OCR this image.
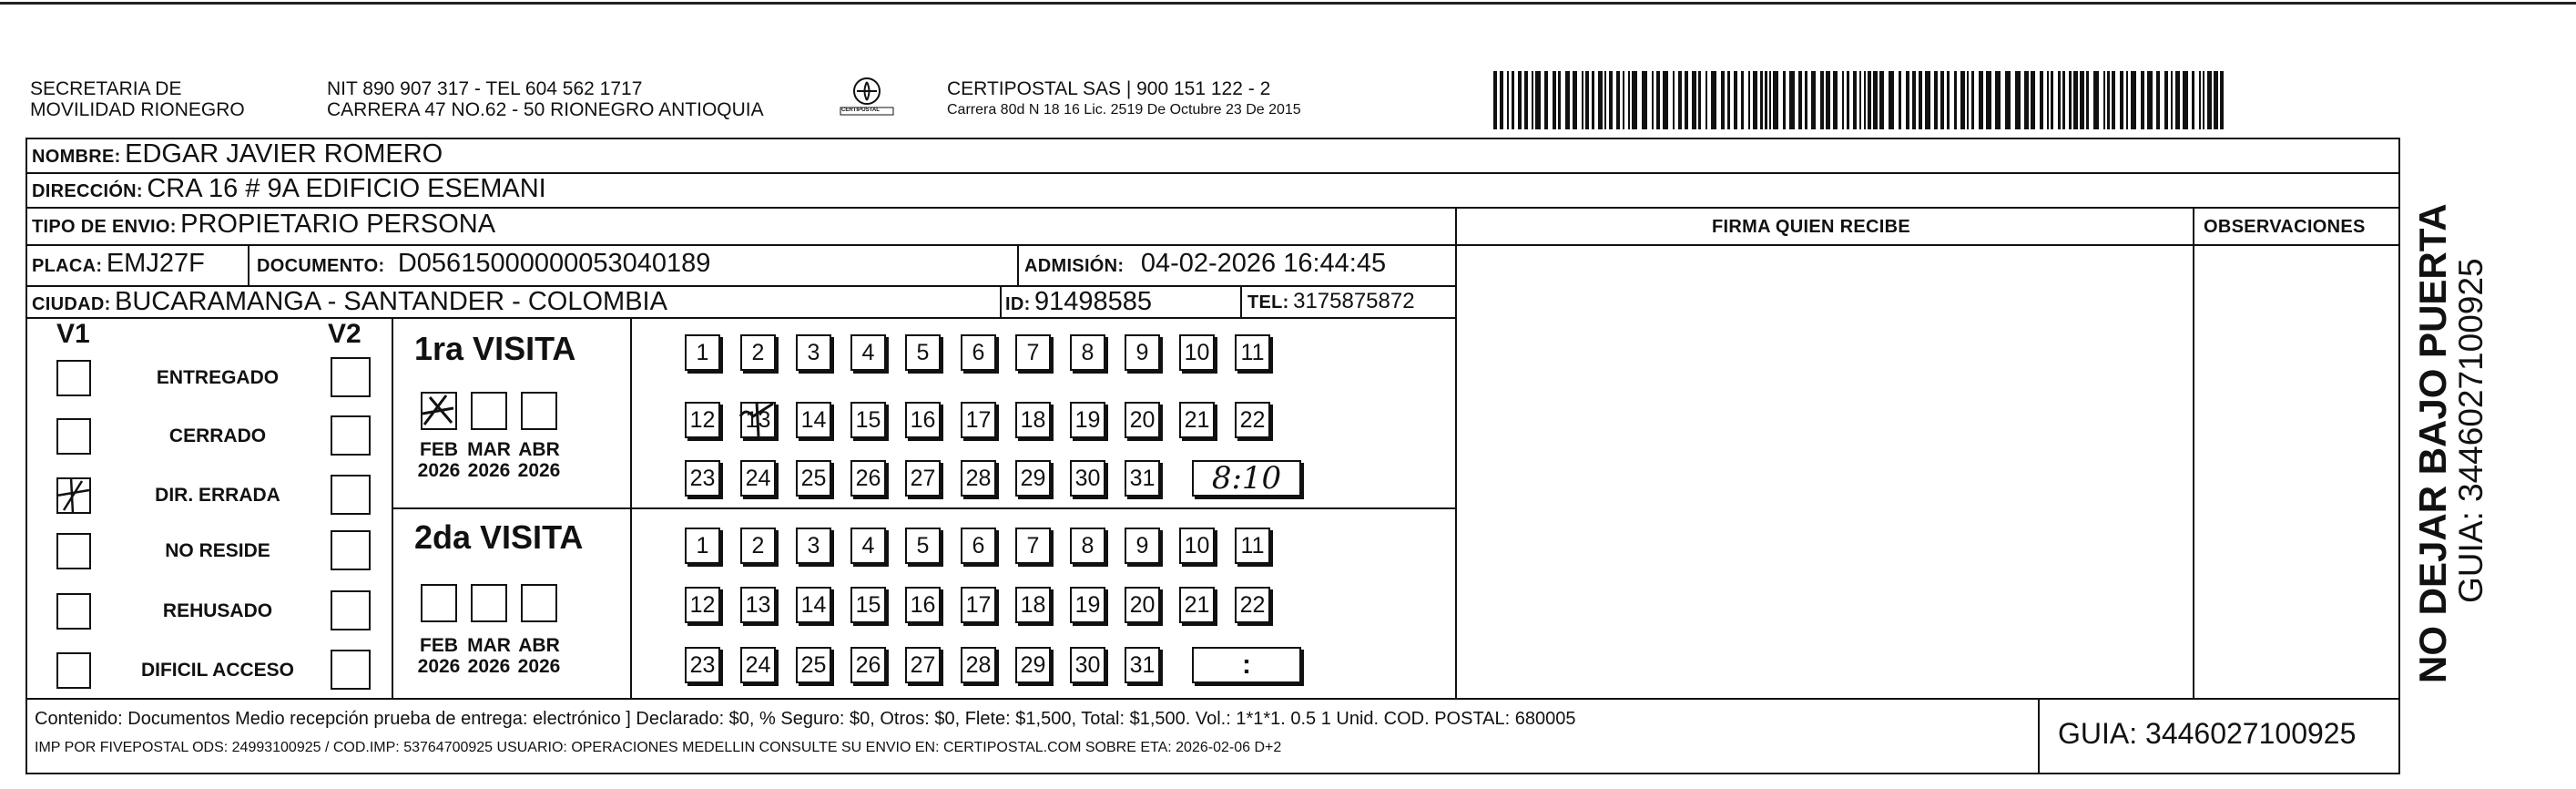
SECRETARIA DE
MOVILIDAD RIONEGRO
NIT 890 907 317 - TEL 604 562 1717
CARRERA 47 NO.62 - 50 RIONEGRO ANTIOQUIA	CERTIPOSTAL
CERTIPOSTAL SAS | 900 151 122 - 2
Carrera 80d N 18 16 Lic. 2519 De Octubre 23 De 2015
NOMBRE: EDGAR JAVIER ROMERO
DIRECCIÓN: CRA 16 # 9A EDIFICIO ESEMANI
TIPO DE ENVIO: PROPIETARIO PERSONA	FIRMA QUIEN RECIBE	OBSERVACIONES
PLACA: EMJ27F	DOCUMENTO: D05615000000053040189	ADMISIÓN: 04-02-2026 16:44:45
CIUDAD: BUCARAMANGA - SANTANDER - COLOMBIA	ID: 91498585	TEL: 3175875872
V1	V2
ENTREGADO
CERRADO
DIR. ERRADA
NO RESIDE
REHUSADO
DIFICIL ACCESO
1ra VISITA
FEB
2026
MAR
2026
ABR
2026
1	2	3	4	5	6	7	8	9	10 11
12 13 14 15 16 17 18 19 20 21 22
23 24 25 26 27 28 29 30 31	8:10
2da VISITA
FEB
2026
MAR
2026
ABR
2026
1	2	3	4	5	6	7	8	9	10 11
12 13 14 15 16 17 18 19 20 21 22
23 24 25 26 27 28 29 30 31	:
Contenido: Documentos Medio recepción prueba de entrega: electrónico ] Declarado: $0, % Seguro: $0, Otros: $0, Flete: $1,500, Total: $1,500. Vol.: 1*1*1. 0.5 1 Unid. COD. POSTAL: 680005
IMP POR FIVEPOSTAL ODS: 24993100925 / COD.IMP: 53764700925 USUARIO: OPERACIONES MEDELLIN CONSULTE SU ENVIO EN: CERTIPOSTAL.COM SOBRE ETA: 2026-02-06 D+2	GUIA: 3446027100925
NO DEJAR BAJO PUERTA
GUIA: 3446027100925
